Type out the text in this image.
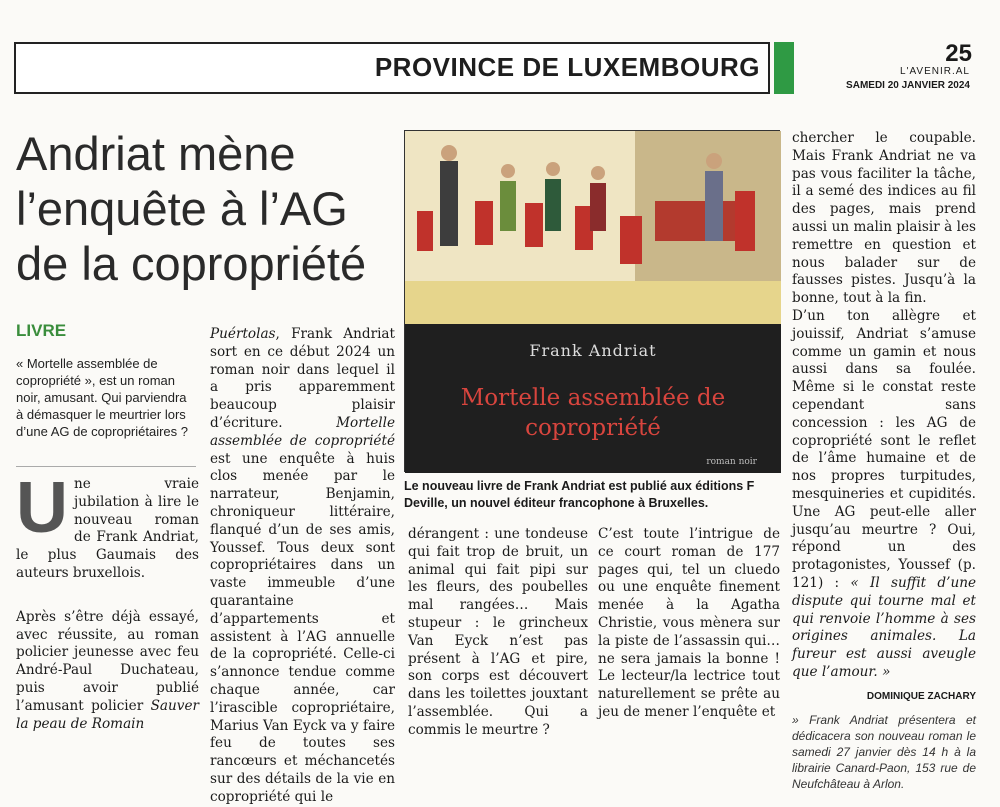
PROVINCE DE LUXEMBOURG	25
L'AVENIR.AL
SAMEDI 20 JANVIER 2024
Andriat mène l’enquête à l’AG de la copropriété
LIVRE
« Mortelle assemblée de copropriété », est un roman noir, amusant. Qui parviendra à démasquer le meurtrier lors d’une AG de copropriétaires ?

Une vraie jubilation à lire le nouveau roman de Frank Andriat, le plus Gaumais des auteurs bruxellois.

Après s’être déjà essayé, avec réussite, au roman policier jeunesse avec feu André-Paul Duchateau, puis avoir publié l’amusant policier Sauver la peau de Romain

Puértolas, Frank Andriat sort en ce début 2024 un roman noir dans lequel il a pris apparemment beaucoup plaisir d’écriture. Mortelle assemblée de copropriété est une enquête à huis clos menée par le narrateur, Benjamin, chroniqueur littéraire, flanqué d’un de ses amis, Youssef. Tous deux sont copropriétaires dans un vaste immeuble d’une quarantaine d’appartements et assistent à l’AG annuelle de la copropriété. Celle-ci s’annonce tendue comme chaque année, car l’irascible copropriétaire, Marius Van Eyck va y faire feu de toutes ses rancœurs et méchancetés sur des détails de la vie en copropriété qui le

Frank Andriat
Mortelle assemblée de copropriété
roman noir
Le nouveau livre de Frank Andriat est publié aux éditions F Deville, un nouvel éditeur francophone à Bruxelles.
dérangent : une tondeuse qui fait trop de bruit, un animal qui fait pipi sur les fleurs, des poubelles mal rangées… Mais stupeur : le grincheux Van Eyck n’est pas présent à l’AG et pire, son corps est découvert dans les toilettes jouxtant l’assemblée. Qui a commis le meurtre ?
C’est toute l’intrigue de ce court roman de 177 pages qui, tel un cluedo ou une enquête finement menée à la Agatha Christie, vous mènera sur la piste de l’assassin qui… ne sera jamais la bonne ! Le lecteur/la lectrice tout naturellement se prête au jeu de mener l’enquête et

chercher le coupable. Mais Frank Andriat ne va pas vous faciliter la tâche, il a semé des indices au fil des pages, mais prend aussi un malin plaisir à les remettre en question et nous balader sur de fausses pistes. Jusqu’à la bonne, tout à la fin.

D’un ton allègre et jouissif, Andriat s’amuse comme un gamin et nous aussi dans sa foulée. Même si le constat reste cependant sans concession : les AG de copropriété sont le reflet de l’âme humaine et de nos propres turpitudes, mesquineries et cupidités. Une AG peut-elle aller jusqu’au meurtre ? Oui, répond un des protagonistes, Youssef (p. 121) : « Il suffit d’une dispute qui tourne mal et qui renvoie l’homme à ses origines animales. La fureur est aussi aveugle que l’amour. »

DOMINIQUE ZACHARY
» Frank Andriat présentera et dédicacera son nouveau roman le samedi 27 janvier dès 14 h à la librairie Canard-Paon, 153 rue de Neufchâteau à Arlon.
